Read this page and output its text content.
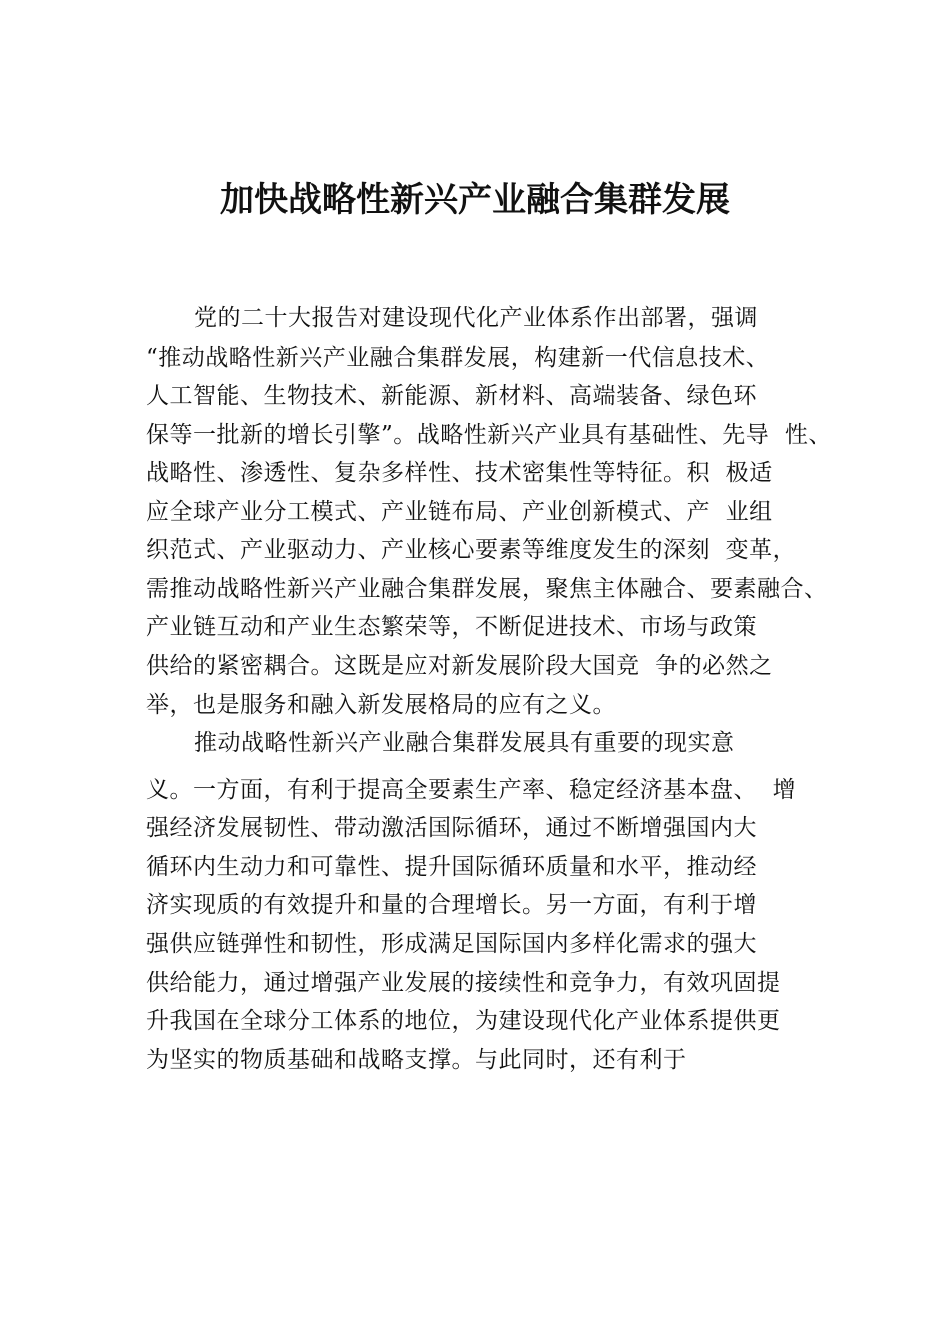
加快战略性新兴产业融合集群发展
党的二十大报告对建设现代化产业体系作出部署，强调
“推动战略性新兴产业融合集群发展，构建新一代信息技术、
人工智能、生物技术、新能源、新材料、高端装备、绿色环
保等一批新的增长引擎”。战略性新兴产业具有基础性、先导  性、
战略性、渗透性、复杂多样性、技术密集性等特征。积  极适
应全球产业分工模式、产业链布局、产业创新模式、产  业组
织范式、产业驱动力、产业核心要素等维度发生的深刻  变革，
需推动战略性新兴产业融合集群发展，聚焦主体融合、要素融合、
产业链互动和产业生态繁荣等，不断促进技术、市场与政策
供给的紧密耦合。这既是应对新发展阶段大国竞  争的必然之
举，也是服务和融入新发展格局的应有之义。
推动战略性新兴产业融合集群发展具有重要的现实意
义。一方面，有利于提高全要素生产率、稳定经济基本盘、  增
强经济发展韧性、带动激活国际循环，通过不断增强国内大
循环内生动力和可靠性、提升国际循环质量和水平，推动经
济实现质的有效提升和量的合理增长。另一方面，有利于增
强供应链弹性和韧性，形成满足国际国内多样化需求的强大
供给能力，通过增强产业发展的接续性和竞争力，有效巩固提
升我国在全球分工体系的地位，为建设现代化产业体系提供更
为坚实的物质基础和战略支撑。与此同时，还有利于
